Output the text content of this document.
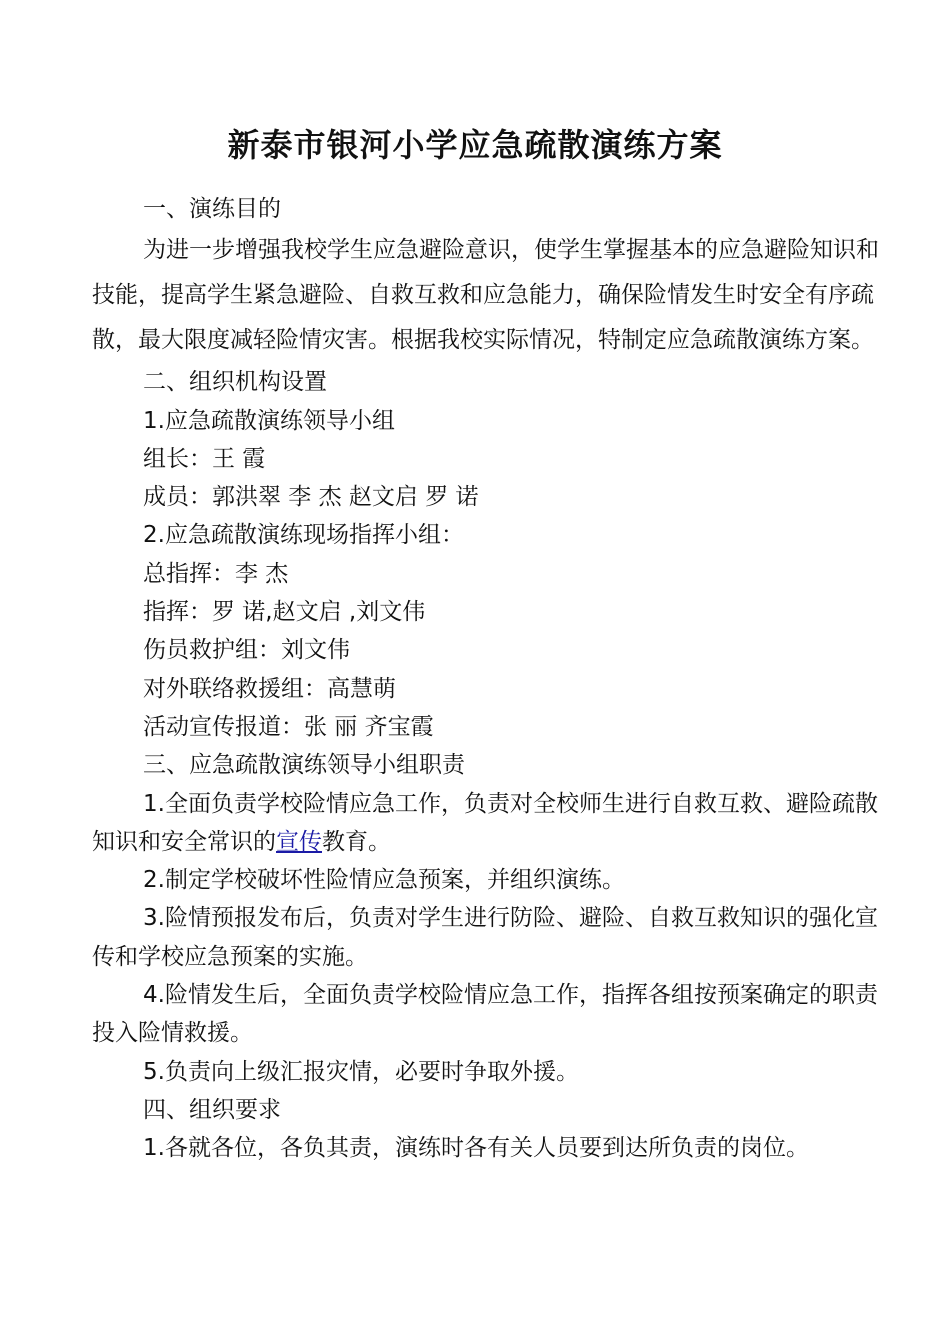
新泰市银河小学应急疏散演练方案

一、演练目的

为进一步增强我校学生应急避险意识，使学生掌握基本的应急避险知识和技能，提高学生紧急避险、自救互救和应急能力，确保险情发生时安全有序疏散，最大限度减轻险情灾害。根据我校实际情况，特制定应急疏散演练方案。

二、组织机构设置

1.应急疏散演练领导小组

组长：王 霞

成员：郭洪翠 李 杰 赵文启 罗 诺

2.应急疏散演练现场指挥小组：

总指挥：李 杰

指挥：罗 诺,赵文启 ,刘文伟

伤员救护组：刘文伟

对外联络救援组：高慧萌

活动宣传报道：张 丽 齐宝霞

三、应急疏散演练领导小组职责

1.全面负责学校险情应急工作，负责对全校师生进行自救互救、避险疏散知识和安全常识的宣传教育。

2.制定学校破坏性险情应急预案，并组织演练。

3.险情预报发布后，负责对学生进行防险、避险、自救互救知识的强化宣传和学校应急预案的实施。

4.险情发生后，全面负责学校险情应急工作，指挥各组按预案确定的职责投入险情救援。

5.负责向上级汇报灾情，必要时争取外援。

四、组织要求

1.各就各位，各负其责，演练时各有关人员要到达所负责的岗位。
